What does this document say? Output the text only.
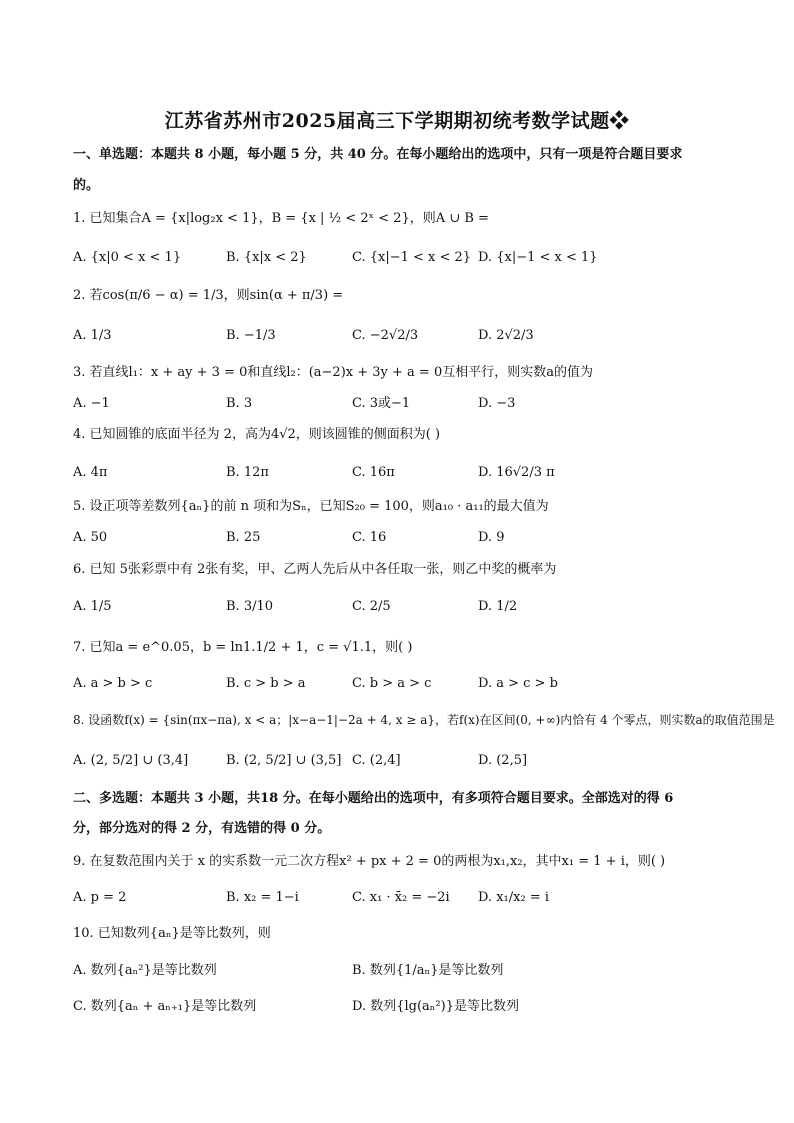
江苏省苏州市2025届高三下学期期初统考数学试题❖
一、单选题：本题共 8 小题，每小题 5 分，共 40 分。在每小题给出的选项中，只有一项是符合题目要求
的。
1. 已知集合A = {x|log₂x < 1}，B = {x | ½ < 2ˣ < 2}，则A ∪ B =
A. {x|0 < x < 1}	B. {x|x < 2}	C. {x|−1 < x < 2} D. {x|−1 < x < 1}
2. 若cos(π/6 − α) = 1/3，则sin(α + π/3) =
A. 1/3	B. −1/3	C. −2√2/3	D. 2√2/3
3. 若直线l₁：x + ay + 3 = 0和直线l₂：(a−2)x + 3y + a = 0互相平行，则实数a的值为
A. −1	B. 3	C. 3或−1	D. −3
4. 已知圆锥的底面半径为 2，高为4√2，则该圆锥的侧面积为( )
A. 4π	B. 12π	C. 16π	D. 16√2/3 π
5. 设正项等差数列{aₙ}的前 n 项和为Sₙ，已知S₂₀ = 100，则a₁₀ · a₁₁的最大值为
A. 50	B. 25	C. 16	D. 9
6. 已知 5张彩票中有 2张有奖，甲、乙两人先后从中各任取一张，则乙中奖的概率为
A. 1/5	B. 3/10	C. 2/5	D. 1/2
7. 已知a = e^0.05，b = ln1.1/2 + 1，c = √1.1，则( )
A. a > b > c	B. c > b > a	C. b > a > c	D. a > c > b
8. 设函数f(x) = {sin(πx−πa), x < a；|x−a−1|−2a + 4, x ≥ a}，若f(x)在区间(0, +∞)内恰有 4 个零点，则实数a的取值范围是
A. (2, 5/2] ∪ (3,4]	B. (2, 5/2] ∪ (3,5] C. (2,4]	D. (2,5]
二、多选题：本题共 3 小题，共18 分。在每小题给出的选项中，有多项符合题目要求。全部选对的得 6
分，部分选对的得 2 分，有选错的得 0 分。
9. 在复数范围内关于 x 的实系数一元二次方程x² + px + 2 = 0的两根为x₁,x₂，其中x₁ = 1 + i，则( )
A. p = 2	B. x₂ = 1−i	C. x₁ · x̄₂ = −2i D. x₁/x₂ = i
10. 已知数列{aₙ}是等比数列，则
A. 数列{aₙ²}是等比数列	B. 数列{1/aₙ}是等比数列
C. 数列{aₙ + aₙ₊₁}是等比数列	D. 数列{lg(aₙ²)}是等比数列
